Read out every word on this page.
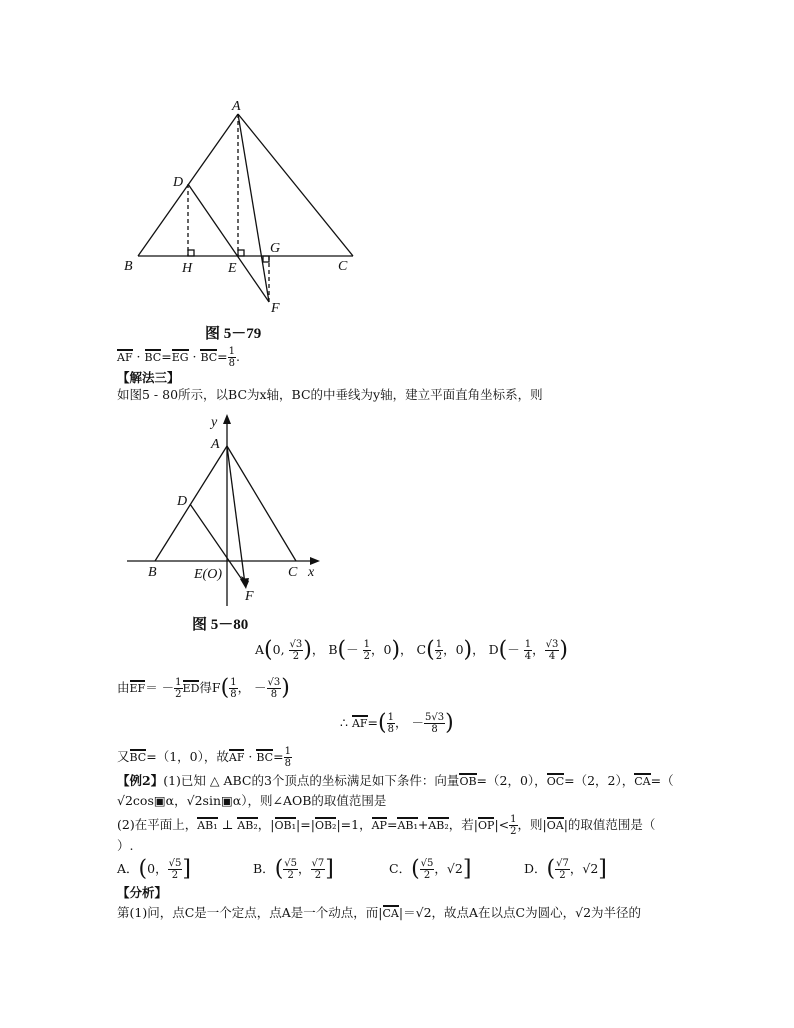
A
B	C
D
H	E
G
F
图 5－79
AF · $BC=EG \cdot BC= \frac{1}{8}$ .
【解法三】
如图5 - 80所示，以BC为x轴，BC的中垂线为y轴，建立平面直角坐标系，则
y
A
D
B	E(O)	C x
F
图 5－80
A(0, $\frac{√3}{2}$ )， $B(- \frac{1}{2}$ ，0)， $C( \frac{1}{2}$ ，0)， $D(- \frac{1}{4}$ ， $\frac{√3}{4}$ )
由$EF= - \frac{1}{2}$ ED得$F( \frac{1}{8}$ ， － $\frac{√3}{8}$ )
∴ $AF=( \frac{1}{8}$ ， － $\frac{5√3}{8}$ )
又BC=（1，0），故AF · $BC= \frac{1}{8}$
【例2】(1)已知 △ ABC的3个顶点的坐标满足如下条件：向量OB=（2，0），OC=（2，2），CA=（
√2cos▣α，√2sin▣α），则∠AOB的取值范围是
(2)在平面上，AB₁ ⊥ AB₂，|OB₁|=|OB₂|=1，AP=AB₁+AB₂，若$|OP|< \frac{1}{2}$ ，则|OA|的取值范围是（
）.
A．(0， $\frac{√5}{2}$ ]	B．( $\frac{√5}{2}$ ， $\frac{√7}{2}$ ]	C．( $\frac{√5}{2}$ ，√2]	D．( $\frac{√7}{2}$ ，√2]
【分析】
第(1)问，点C是一个定点，点A是一个动点，而|CA|＝√2，故点A在以点C为圆心，√2为半径的
